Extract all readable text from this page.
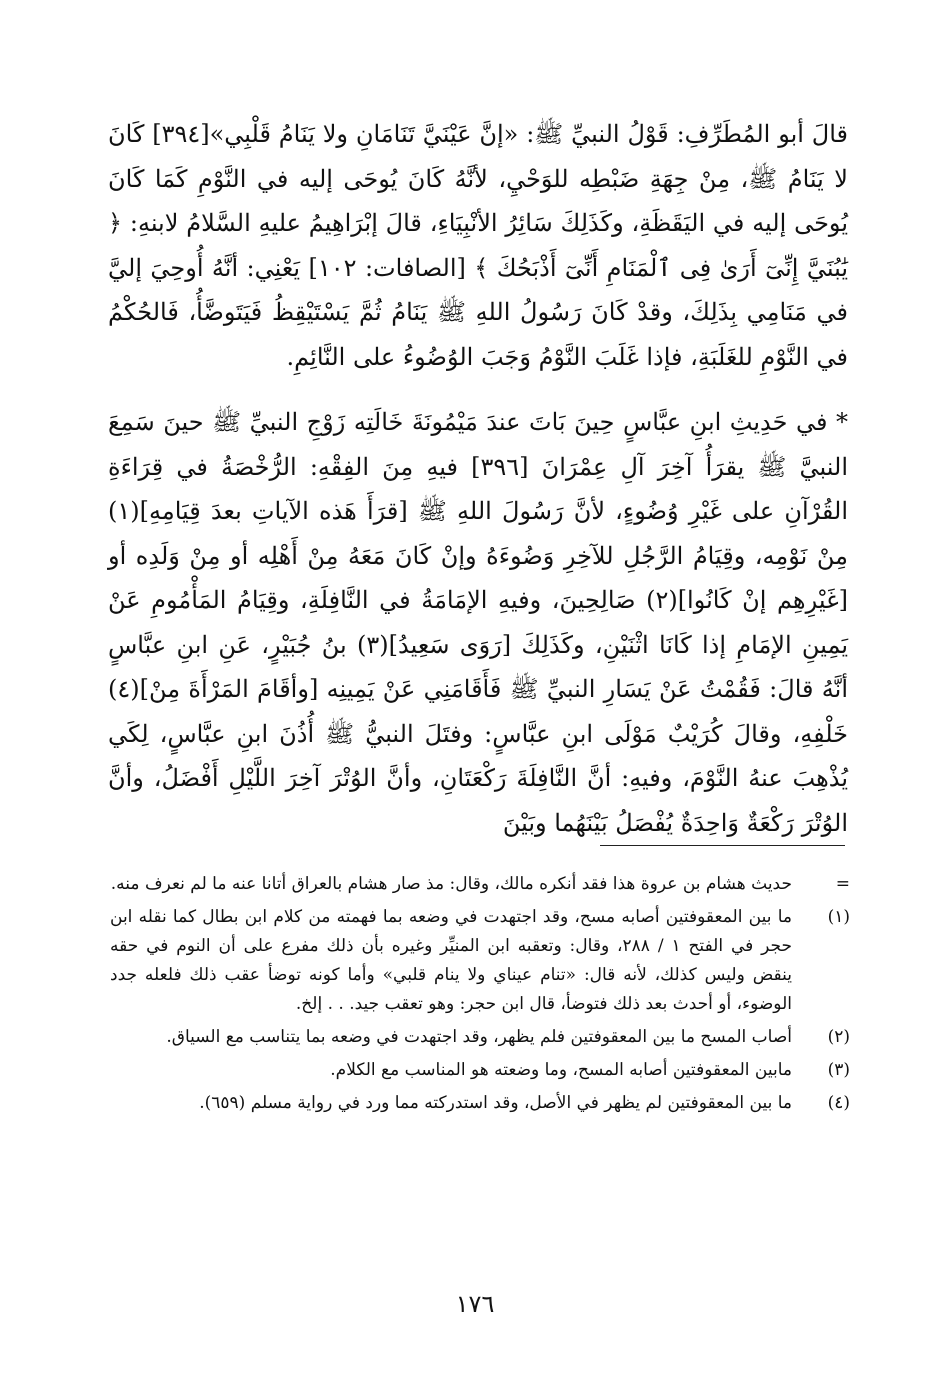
قالَ أبو المُطَرِّفِ: قَوْلُ النبيِّ ﷺ: «إنَّ عَيْنَيَّ تَنَامَانِ ولا يَنَامُ قَلْبِي»[٣٩٤] كَانَ لا يَنَامُ ﷺ، مِنْ جِهَةِ ضَبْطِه للوَحْيِ، لأنَّهُ كَانَ يُوحَى إليه في النَّوْمِ كَمَا كَانَ يُوحَى إليه في اليَقَظَةِ، وكَذَلِكَ سَائِرُ الأنْبِيَاءِ، قالَ إبْرَاهِيمُ عليهِ السَّلامُ لابنهِ: ﴿ يَٰبُنَيَّ إِنِّىٓ أَرَىٰ فِى ٱلْمَنَامِ أَنِّىٓ أَذْبَحُكَ ﴾ [الصافات: ١٠٢] يَعْنِي: أنَّهُ أُوحِيَ إليَّ في مَنَامِي بِذَلِكَ، وقدْ كَانَ رَسُولُ اللهِ ﷺ يَنَامُ ثُمَّ يَسْتَيْقِظُ فَيَتَوضَّأُ، فَالحُكْمُ في النَّوْمِ للغَلَبَةِ، فإذا غَلَبَ النَّوْمُ وَجَبَ الوُضُوءُ على النَّائِمِ.

* في حَدِيثِ ابنِ عبَّاسٍ حِينَ بَاتَ عندَ مَيْمُونَةَ خَالَتِه زَوْجِ النبيِّ ﷺ حينَ سَمِعَ النبيَّ ﷺ يقرَأُ آخِرَ آلِ عِمْرَانَ [٣٩٦] فيهِ مِنَ الفِقْهِ: الرُّخْصَةُ في قِرَاءَةِ القُرْآنِ على غَيْرِ وُضُوءٍ، لأنَّ رَسُولَ اللهِ ﷺ [قرَأَ هَذه الآياتِ بعدَ قِيَامِهِ](١) مِنْ نَوْمِه، وقِيَامُ الرَّجُلِ للآخِرِ وَضُوءَهُ وإنْ كَانَ مَعَهُ مِنْ أَهْلِه أو مِنْ وَلَدِه أو [غَيْرِهِم إنْ كَانُوا](٢) صَالِحِينَ، وفيهِ الإمَامَةُ في النَّافِلَةِ، وقِيَامُ المَأْمُومِ عَنْ يَمِينِ الإمَامِ إذا كَانَا اثْنَيْنِ، وكَذَلِكَ [رَوَى سَعِيدُ](٣) بنُ جُبَيْرٍ، عَنِ ابنِ عبَّاسٍ أنَّهُ قالَ: فَقُمْتُ عَنْ يَسَارِ النبيِّ ﷺ فَأَقَامَنِي عَنْ يَمِينِه [وأقَامَ المَرْأَةَ مِنْ](٤) خَلْفِهِ، وقالَ كُرَيْبٌ مَوْلَى ابنِ عبَّاسٍ: وفتَلَ النبيُّ ﷺ أُذُنَ ابنِ عبَّاسٍ، لِكَي يُذْهِبَ عنهُ النَّوْمَ، وفيهِ: أنَّ النَّافِلَةَ رَكْعَتَانِ، وأنَّ الوُتْرَ آخِرَ اللَّيْلِ أَفْضَلُ، وأنَّ الوُتْرَ رَكْعَةٌ وَاحِدَةٌ يُفْصَلُ بَيْنَهُما وبَيْنَ

=
حديث هشام بن عروة هذا فقد أنكره مالك، وقال: مذ صار هشام بالعراق أتانا عنه ما لم نعرف منه.
(١)
ما بين المعقوفتين أصابه مسح، وقد اجتهدت في وضعه بما فهمته من كلام ابن بطال كما نقله ابن حجر في الفتح ١ / ٢٨٨، وقال: وتعقبه ابن المنيِّر وغيره بأن ذلك مفرع على أن النوم في حقه ينقض وليس كذلك، لأنه قال: «تنام عيناي ولا ينام قلبي» وأما كونه توضأ عقب ذلك فلعله جدد الوضوء، أو أحدث بعد ذلك فتوضأ، قال ابن حجر: وهو تعقب جيد. . . إلخ.
(٢)
أصاب المسح ما بين المعقوفتين فلم يظهر، وقد اجتهدت في وضعه بما يتناسب مع السياق.
(٣)
مابين المعقوفتين أصابه المسح، وما وضعته هو المناسب مع الكلام.
(٤)
ما بين المعقوفتين لم يظهر في الأصل، وقد استدركته مما ورد في رواية مسلم (٦٥٩).
١٧٦
